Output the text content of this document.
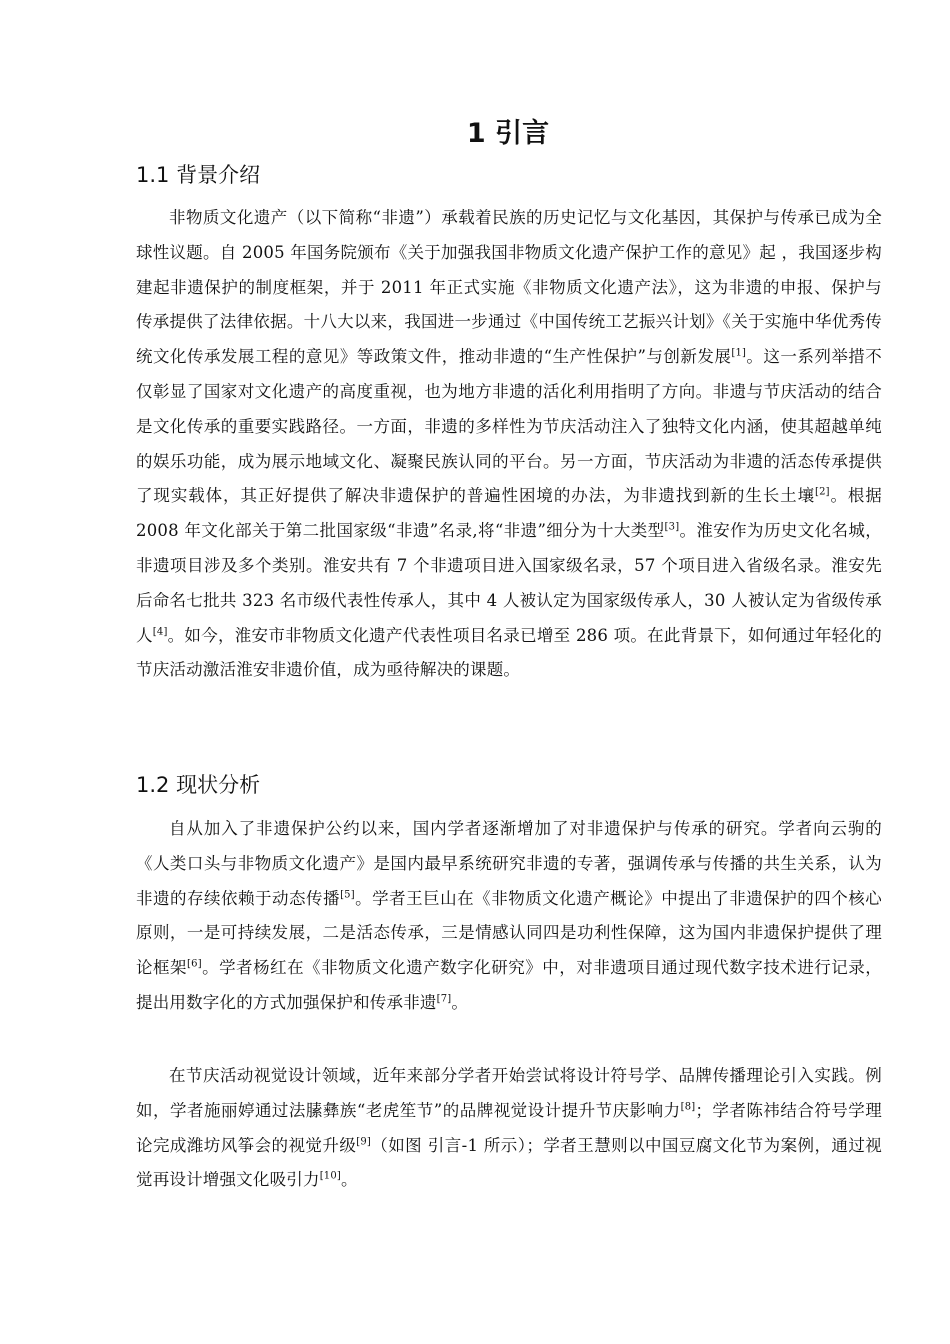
1 引言
1.1 背景介绍

非物质文化遗产（以下简称“非遗”）承载着民族的历史记忆与文化基因，其保护与传承已成为全球性议题。自 2005 年国务院颁布《关于加强我国非物质文化遗产保护工作的意见》起 ，我国逐步构建起非遗保护的制度框架，并于 2011 年正式实施《非物质文化遗产法》，这为非遗的申报、保护与传承提供了法律依据。十八大以来，我国进一步通过《中国传统工艺振兴计划》《关于实施中华优秀传统文化传承发展工程的意见》等政策文件，推动非遗的“生产性保护”与创新发展[1]。这一系列举措不仅彰显了国家对文化遗产的高度重视，也为地方非遗的活化利用指明了方向。非遗与节庆活动的结合是文化传承的重要实践路径。一方面，非遗的多样性为节庆活动注入了独特文化内涵，使其超越单纯的娱乐功能，成为展示地域文化、凝聚民族认同的平台。另一方面，节庆活动为非遗的活态传承提供了现实载体，其正好提供了解决非遗保护的普遍性困境的办法，为非遗找到新的生长土壤[2]。根据 2008 年文化部关于第二批国家级“非遗”名录,将“非遗”细分为十大类型[3]。淮安作为历史文化名城，非遗项目涉及多个类别。淮安共有 7 个非遗项目进入国家级名录，57 个项目进入省级名录。淮安先后命名七批共 323 名市级代表性传承人，其中 4 人被认定为国家级传承人，30 人被认定为省级传承人[4]。如今，淮安市非物质文化遗产代表性项目名录已增至 286 项。在此背景下，如何通过年轻化的节庆活动激活淮安非遗价值，成为亟待解决的课题。

1.2 现状分析

自从加入了非遗保护公约以来，国内学者逐渐增加了对非遗保护与传承的研究。学者向云驹的《人类口头与非物质文化遗产》是国内最早系统研究非遗的专著，强调传承与传播的共生关系，认为非遗的存续依赖于动态传播[5]。学者王巨山在《非物质文化遗产概论》中提出了非遗保护的四个核心原则，一是可持续发展，二是活态传承，三是情感认同四是功利性保障，这为国内非遗保护提供了理论框架[6]。学者杨红在《非物质文化遗产数字化研究》中，对非遗项目通过现代数字技术进行记录，提出用数字化的方式加强保护和传承非遗[7]。

在节庆活动视觉设计领域，近年来部分学者开始尝试将设计符号学、品牌传播理论引入实践。例如，学者施丽婷通过法膆彝族“老虎笙节”的品牌视觉设计提升节庆影响力[8]；学者陈祎结合符号学理论完成潍坊风筝会的视觉升级[9]（如图 引言-1 所示）；学者王慧则以中国豆腐文化节为案例，通过视觉再设计增强文化吸引力[10]。
